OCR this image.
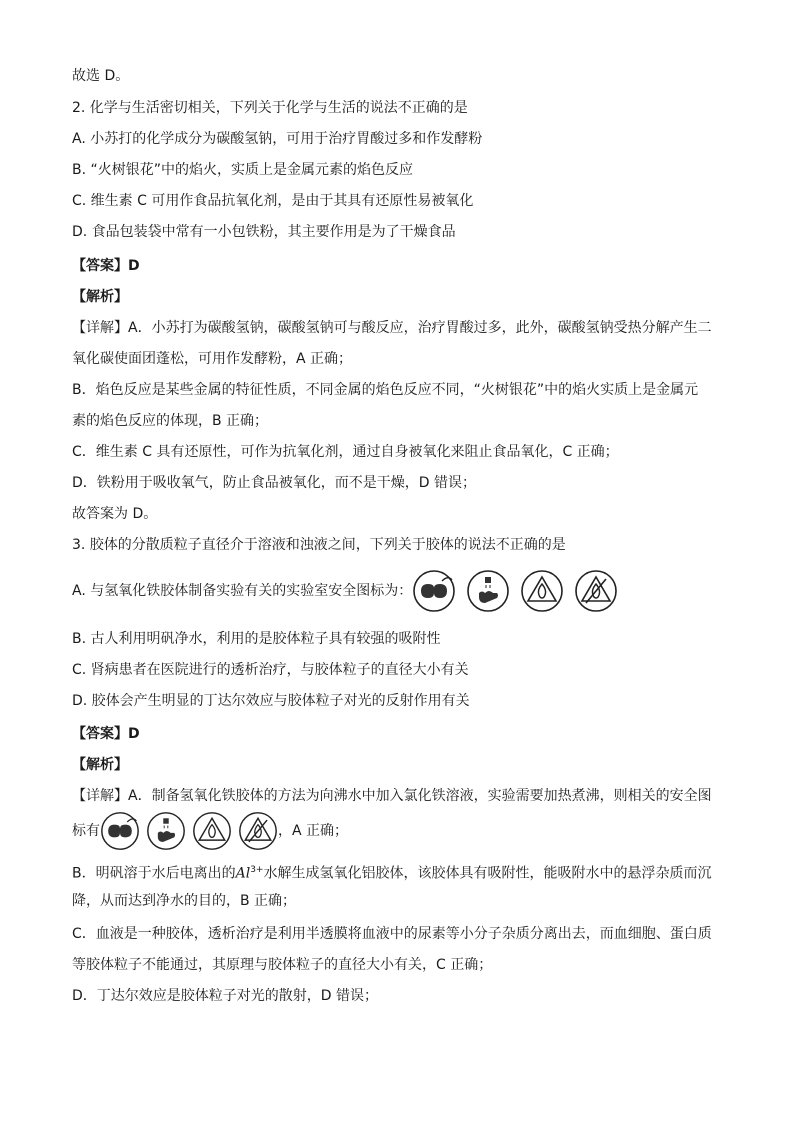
故选 D。
2. 化学与生活密切相关，下列关于化学与生活的说法不正确的是
A. 小苏打的化学成分为碳酸氢钠，可用于治疗胃酸过多和作发酵粉
B. “火树银花”中的焰火，实质上是金属元素的焰色反应
C. 维生素 C 可用作食品抗氧化剂，是由于其具有还原性易被氧化
D. 食品包装袋中常有一小包铁粉，其主要作用是为了干燥食品
【答案】D
【解析】
【详解】A．小苏打为碳酸氢钠，碳酸氢钠可与酸反应，治疗胃酸过多，此外，碳酸氢钠受热分解产生二
氧化碳使面团蓬松，可用作发酵粉，A 正确；
B．焰色反应是某些金属的特征性质，不同金属的焰色反应不同，“火树银花”中的焰火实质上是金属元
素的焰色反应的体现，B 正确；
C．维生素 C 具有还原性，可作为抗氧化剂，通过自身被氧化来阻止食品氧化，C 正确；
D．铁粉用于吸收氧气，防止食品被氧化，而不是干燥，D 错误；
故答案为 D。
3. 胶体的分散质粒子直径介于溶液和浊液之间，下列关于胶体的说法不正确的是
A. 与氢氧化铁胶体制备实验有关的实验室安全图标为：
B. 古人利用明矾净水，利用的是胶体粒子具有较强的吸附性
C. 肾病患者在医院进行的透析治疗，与胶体粒子的直径大小有关
D. 胶体会产生明显的丁达尔效应与胶体粒子对光的反射作用有关
【答案】D
【解析】
【详解】A．制备氢氧化铁胶体的方法为向沸水中加入氯化铁溶液，实验需要加热煮沸，则相关的安全图
标有	，A 正确；
B．明矾溶于水后电离出的$Al^{3+}$水解生成氢氧化铝胶体，该胶体具有吸附性，能吸附水中的悬浮杂质而沉
降，从而达到净水的目的，B 正确；
C．血液是一种胶体，透析治疗是利用半透膜将血液中的尿素等小分子杂质分离出去，而血细胞、蛋白质
等胶体粒子不能通过，其原理与胶体粒子的直径大小有关，C 正确；
D．丁达尔效应是胶体粒子对光的散射，D 错误；
